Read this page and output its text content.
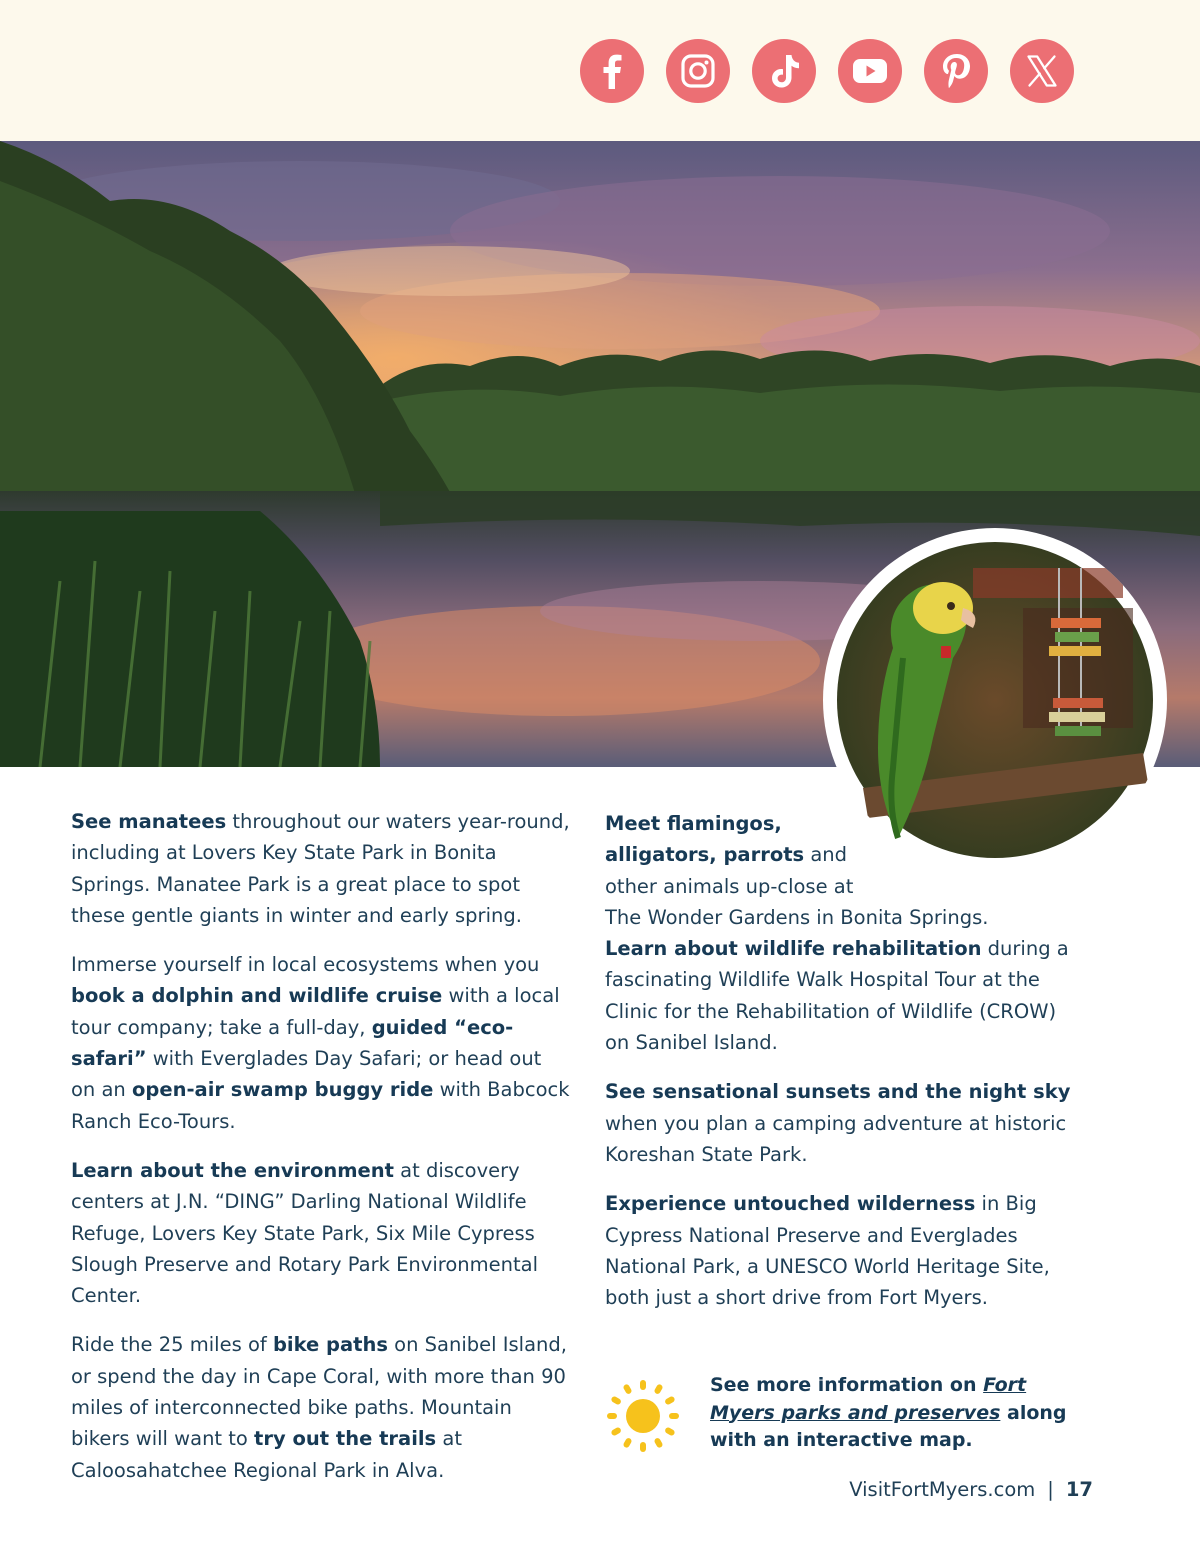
See manatees throughout our waters year-round, including at Lovers Key State Park in Bonita Springs. Manatee Park is a great place to spot these gentle giants in winter and early spring.

Immerse yourself in local ecosystems when you book a dolphin and wildlife cruise with a local tour company; take a full-day, guided “eco-safari” with Everglades Day Safari; or head out on an open-air swamp buggy ride with Babcock Ranch Eco-Tours.

Learn about the environment at discovery centers at J.N. “DING” Darling National Wildlife Refuge, Lovers Key State Park, Six Mile Cypress Slough Preserve and Rotary Park Environmental Center.

Ride the 25 miles of bike paths on Sanibel Island, or spend the day in Cape Coral, with more than 90 miles of interconnected bike paths. Mountain bikers will want to try out the trails at Caloosahatchee Regional Park in Alva.

Meet flamingos,
alligators, parrots and
other animals up-close at
The Wonder Gardens in Bonita Springs.
Learn about wildlife rehabilitation during a fascinating Wildlife Walk Hospital Tour at the Clinic for the Rehabilitation of Wildlife (CROW) on Sanibel Island.

See sensational sunsets and the night sky when you plan a camping adventure at historic Koreshan State Park.

Experience untouched wilderness in Big Cypress National Preserve and Everglades National Park, a UNESCO World Heritage Site, both just a short drive from Fort Myers.

See more information on Fort Myers parks and preserves along with an interactive map.
VisitFortMyers.com | 17
